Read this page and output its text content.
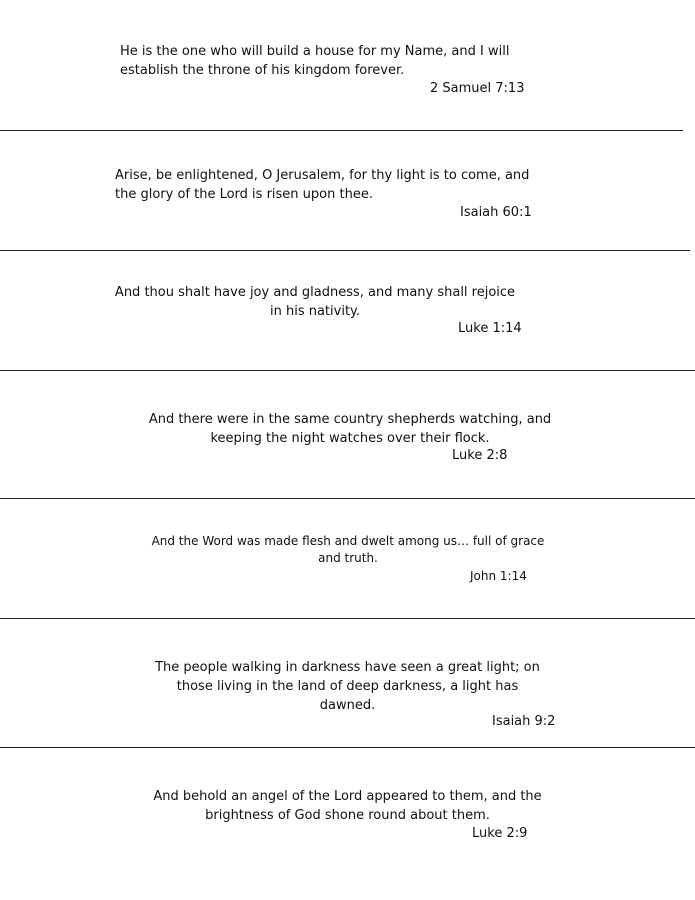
He is the one who will build a house for my Name, and I will
establish the throne of his kingdom forever.
2 Samuel 7:13
Arise, be enlightened, O Jerusalem, for thy light is to come, and
the glory of the Lord is risen upon thee.
Isaiah 60:1
And thou shalt have joy and gladness, and many shall rejoice
in his nativity.
Luke 1:14
And there were in the same country shepherds watching, and
keeping the night watches over their flock.
Luke 2:8
And the Word was made flesh and dwelt among us… full of grace
and truth.
John 1:14
The people walking in darkness have seen a great light; on
those living in the land of deep darkness, a light has
dawned.
Isaiah 9:2
And behold an angel of the Lord appeared to them, and the
brightness of God shone round about them.
Luke 2:9
